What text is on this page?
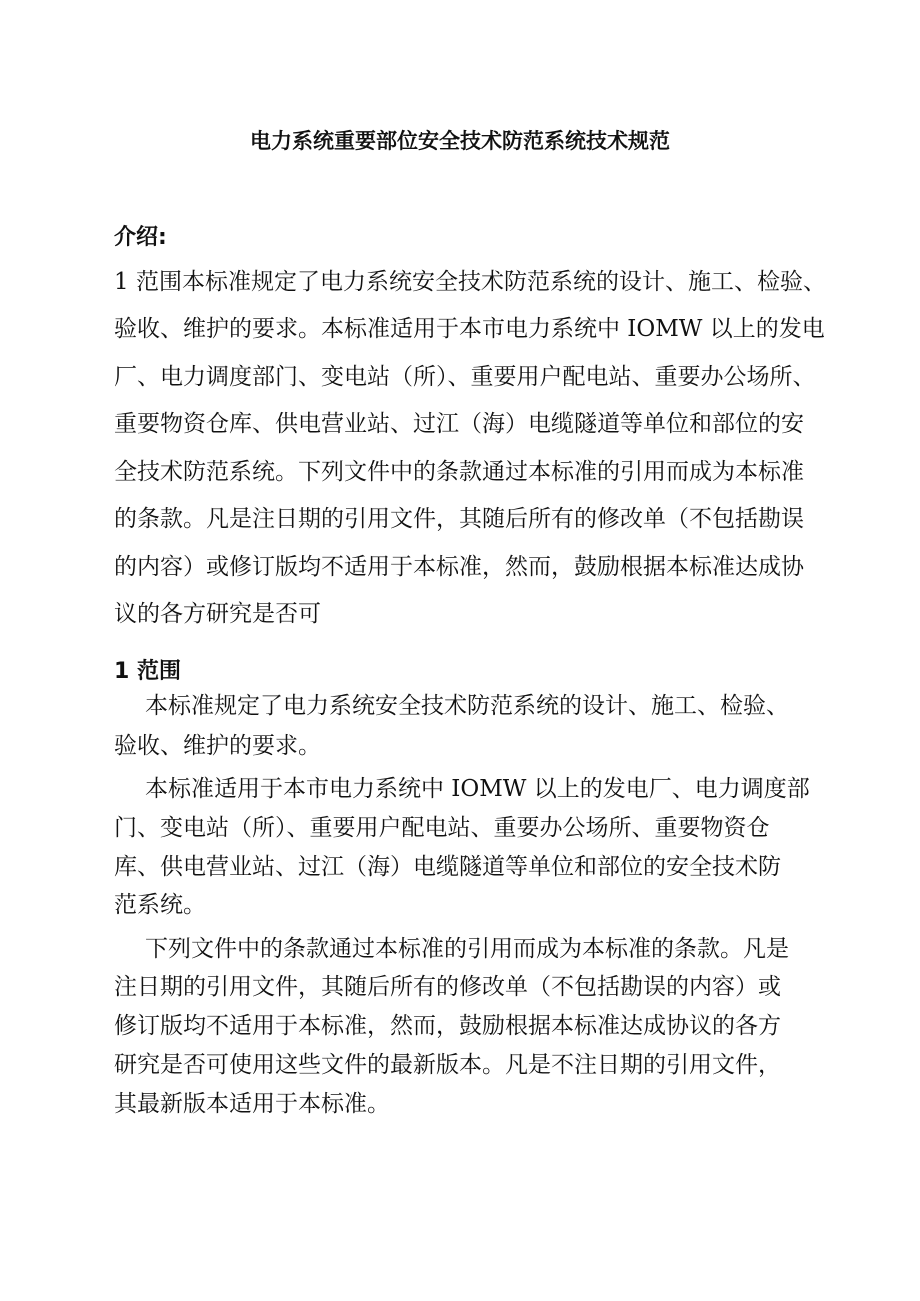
电力系统重要部位安全技术防范系统技术规范
介绍:
1 范围本标准规定了电力系统安全技术防范系统的设计、施工、检验、
验收、维护的要求。本标准适用于本市电力系统中 IOMW 以上的发电
厂、电力调度部门、变电站（所）、重要用户配电站、重要办公场所、
重要物资仓库、供电营业站、过江（海）电缆隧道等单位和部位的安
全技术防范系统。下列文件中的条款通过本标准的引用而成为本标准
的条款。凡是注日期的引用文件，其随后所有的修改单（不包括勘误
的内容）或修订版均不适用于本标准，然而，鼓励根据本标准达成协
议的各方研究是否可
1 范围
本标准规定了电力系统安全技术防范系统的设计、施工、检验、
验收、维护的要求。
本标准适用于本市电力系统中 IOMW 以上的发电厂、电力调度部
门、变电站（所）、重要用户配电站、重要办公场所、重要物资仓
库、供电营业站、过江（海）电缆隧道等单位和部位的安全技术防
范系统。
下列文件中的条款通过本标准的引用而成为本标准的条款。凡是
注日期的引用文件，其随后所有的修改单（不包括勘误的内容）或
修订版均不适用于本标准，然而，鼓励根据本标准达成协议的各方
研究是否可使用这些文件的最新版本。凡是不注日期的引用文件，
其最新版本适用于本标准。
